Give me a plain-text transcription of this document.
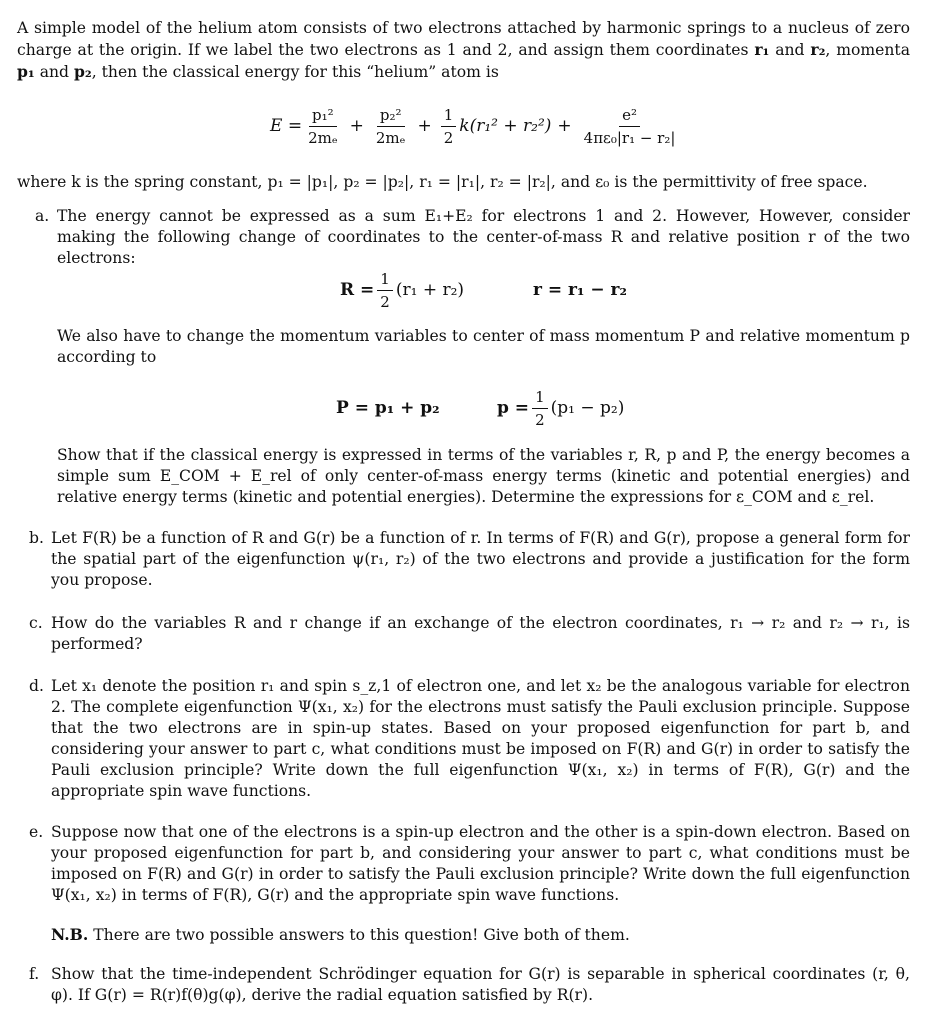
A simple model of the helium atom consists of two electrons attached by harmonic springs to a nucleus of zero charge at the origin. If we label the two electrons as 1 and 2, and assign them coordinates r₁ and r₂, momenta p₁ and p₂, then the classical energy for this “helium” atom is
$E = \frac{\text{p₁²}}{\text{2mₑ}} + \frac{\text{p₂²}}{\text{2mₑ}} + \frac{1}{2} k(r_1^2 + r_2^2) + \frac{\text{e²}}{\text{4πε₀|r₁ − r₂|}}$
where k is the spring constant, p₁ = |p₁|, p₂ = |p₂|, r₁ = |r₁|, r₂ = |r₂|, and ε₀ is the permittivity of free space.
a. The energy cannot be expressed as a sum E₁+E₂ for electrons 1 and 2. However, However, consider making the following change of coordinates to the center-of-mass R and relative position r of the two electrons:
$R = \frac{1}{2} (r_1 + r_2)$	r = r₁ − r₂
We also have to change the momentum variables to center of mass momentum P and relative momentum p according to
P = p₁ + p₂	$p = \frac{1}{2} (p_1 - p_2)$
Show that if the classical energy is expressed in terms of the variables r, R, p and P, the energy becomes a simple sum E_COM + E_rel of only center-of-mass energy terms (kinetic and potential energies) and relative energy terms (kinetic and potential energies). Determine the expressions for ε_COM and ε_rel.
b. Let F(R) be a function of R and G(r) be a function of r. In terms of F(R) and G(r), propose a general form for the spatial part of the eigenfunction ψ(r₁, r₂) of the two electrons and provide a justification for the form you propose.
c. How do the variables R and r change if an exchange of the electron coordinates, r₁ → r₂ and r₂ → r₁, is performed?
d. Let x₁ denote the position r₁ and spin s_z,1 of electron one, and let x₂ be the analogous variable for electron 2. The complete eigenfunction Ψ(x₁, x₂) for the electrons must satisfy the Pauli exclusion principle. Suppose that the two electrons are in spin-up states. Based on your proposed eigenfunction for part b, and considering your answer to part c, what conditions must be imposed on F(R) and G(r) in order to satisfy the Pauli exclusion principle? Write down the full eigenfunction Ψ(x₁, x₂) in terms of F(R), G(r) and the appropriate spin wave functions.
e. Suppose now that one of the electrons is a spin-up electron and the other is a spin-down electron. Based on your proposed eigenfunction for part b, and considering your answer to part c, what conditions must be imposed on F(R) and G(r) in order to satisfy the Pauli exclusion principle? Write down the full eigenfunction Ψ(x₁, x₂) in terms of F(R), G(r) and the appropriate spin wave functions.
N.B. There are two possible answers to this question! Give both of them.
f. Show that the time-independent Schrödinger equation for G(r) is separable in spherical coordinates (r, θ, φ). If G(r) = R(r)f(θ)g(φ), derive the radial equation satisfied by R(r).
